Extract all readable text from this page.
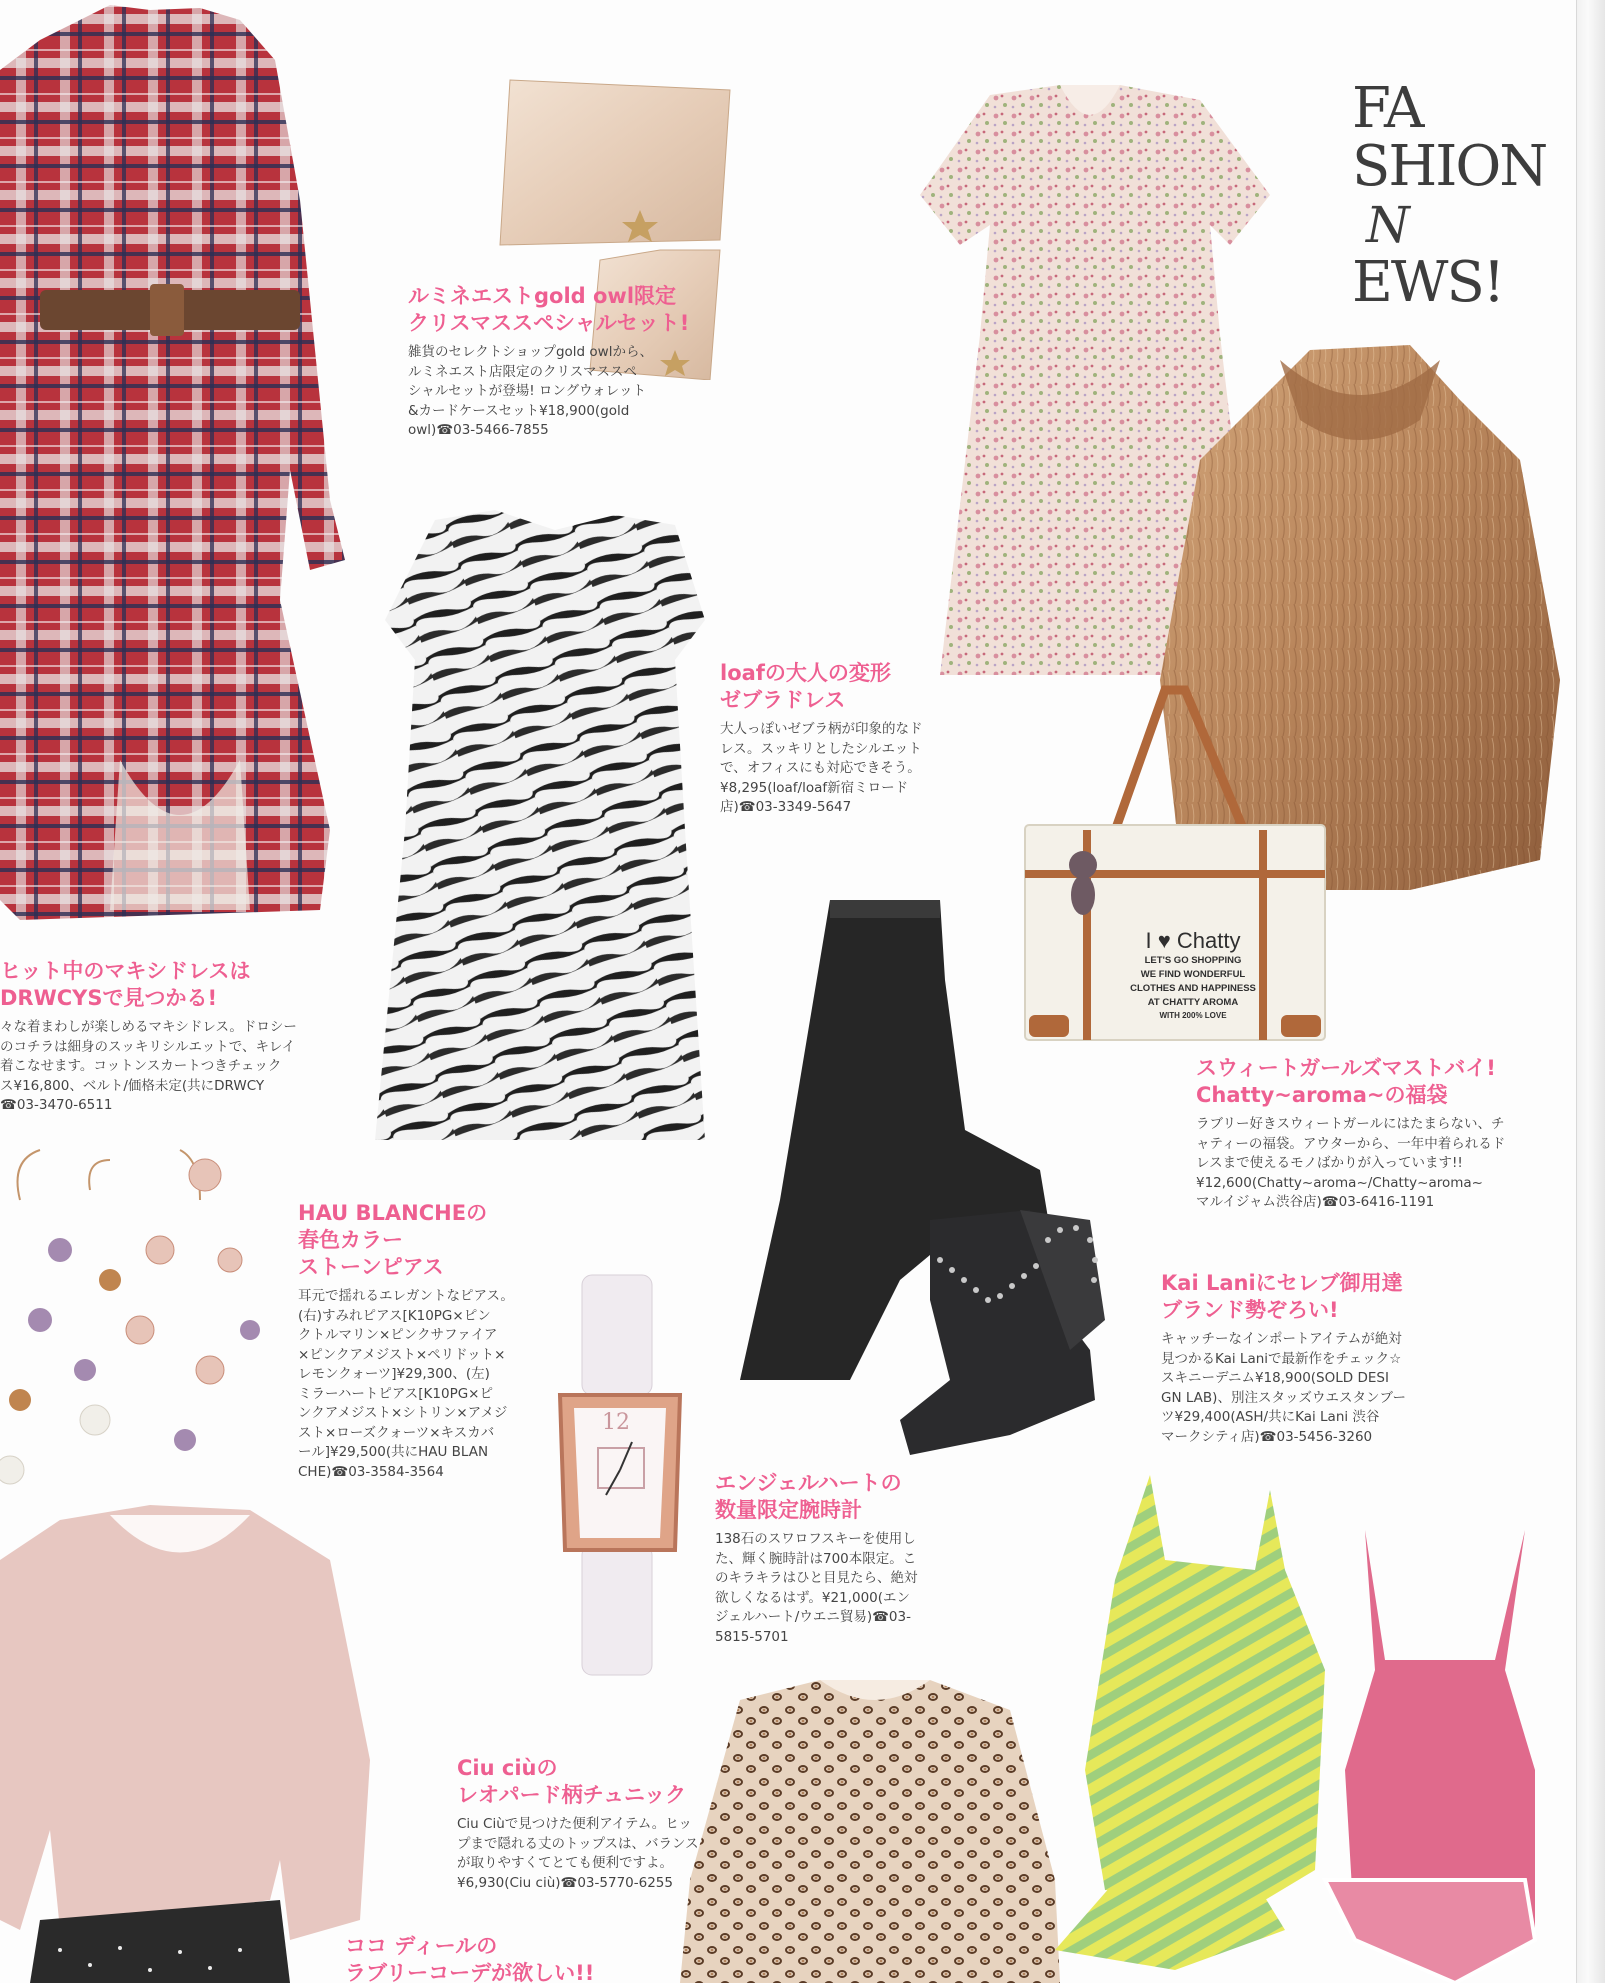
I ♥ Chatty
LET'S GO SHOPPING
WE FIND WONDERFUL
CLOTHES AND HAPPINESS
AT CHATTY AROMA
WITH 200% LOVE
12
FA
SHION
N
EWS!
ルミネエストgold owl限定
クリスマススペシャルセット!
雑貨のセレクトショップgold owlから、
ルミネエスト店限定のクリスマススペ
シャルセットが登場! ロングウォレット
&カードケースセット¥18,900(gold
owl)☎03-5466-7855
loafの大人の変形
ゼブラドレス
大人っぽいゼブラ柄が印象的なド
レス。スッキリとしたシルエット
で、オフィスにも対応できそう。
¥8,295(loaf/loaf新宿ミロード
店)☎03-3349-5647
ヒット中のマキシドレスは
DRWCYSで見つかる!
々な着まわしが楽しめるマキシドレス。ドロシー
のコチラは細身のスッキリシルエットで、キレイ
着こなせます。コットンスカートつきチェック
ス¥16,800、ベルト/価格未定(共にDRWCY
☎03-3470-6511
HAU BLANCHEの
春色カラー
ストーンピアス
耳元で揺れるエレガントなピアス。
(右)すみれピアス[K10PG×ピン
クトルマリン×ピンクサファイア
×ピンクアメジスト×ペリドット×
レモンクォーツ]¥29,300、(左)
ミラーハートピアス[K10PG×ピ
ンクアメジスト×シトリン×アメジ
スト×ローズクォーツ×キスカバ
ール]¥29,500(共にHAU BLAN
CHE)☎03-3584-3564
スウィートガールズマストバイ!
Chatty~aroma~の福袋
ラブリー好きスウィートガールにはたまらない、チ
ャティーの福袋。アウターから、一年中着られるド
レスまで使えるモノばかりが入っています!!
¥12,600(Chatty~aroma~/Chatty~aroma~
マルイジャム渋谷店)☎03-6416-1191
Kai Laniにセレブ御用達
ブランド勢ぞろい!
キャッチーなインポートアイテムが絶対
見つかるKai Laniで最新作をチェック☆
スキニーデニム¥18,900(SOLD DESI
GN LAB)、別注スタッズウエスタンブー
ツ¥29,400(ASH/共にKai Lani 渋谷
マークシティ店)☎03-5456-3260
エンジェルハートの
数量限定腕時計
138石のスワロフスキーを使用し
た、輝く腕時計は700本限定。こ
のキラキラはひと目見たら、絶対
欲しくなるはず。¥21,000(エン
ジェルハート/ウエニ貿易)☎03-
5815-5701
Ciu ciùの
レオパード柄チュニック
Ciu Ciùで見つけた便利アイテム。ヒッ
プまで隠れる丈のトップスは、バランス
が取りやすくてとても便利ですよ。
¥6,930(Ciu ciù)☎03-5770-6255
ココ ディールの
ラブリーコーデが欲しい!!
